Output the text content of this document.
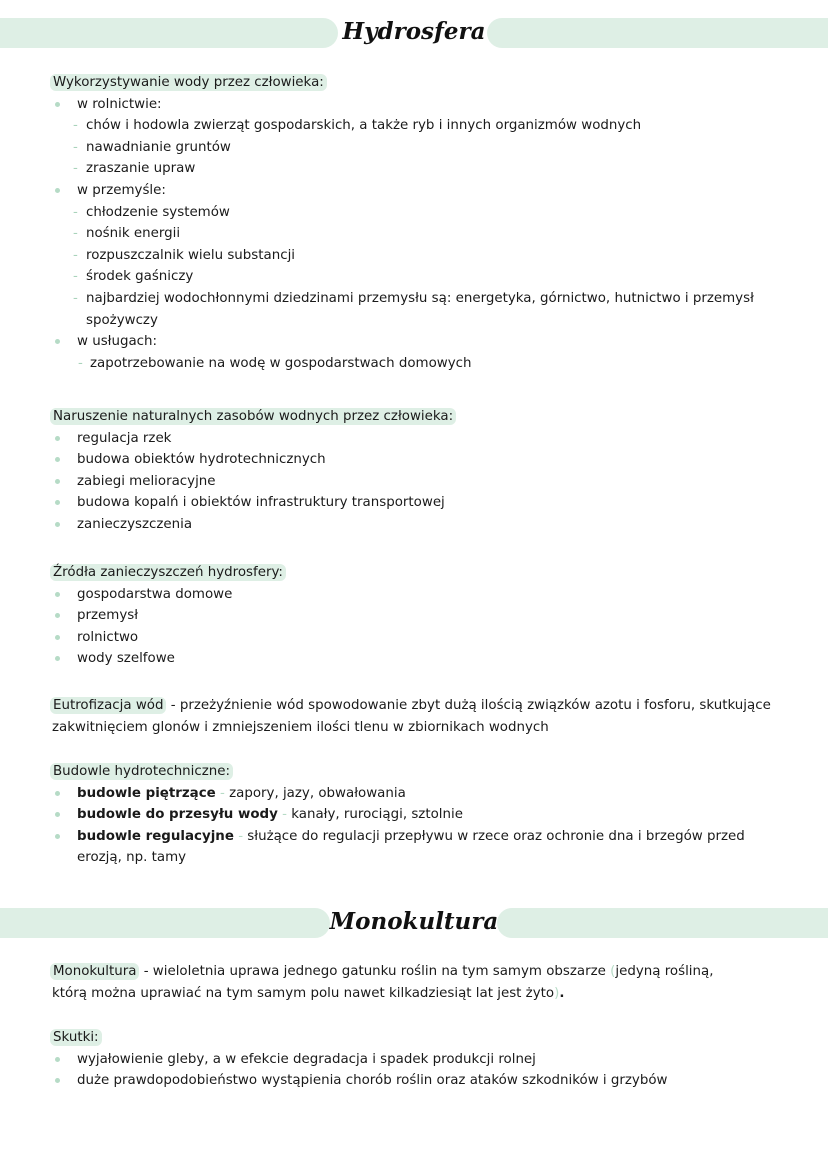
Hydrosfera
Wykorzystywanie wody przez człowieka:
w rolnictwie:
- chów i hodowla zwierząt gospodarskich, a także ryb i innych organizmów wodnych
- nawadnianie gruntów
- zraszanie upraw
w przemyśle:
- chłodzenie systemów
- nośnik energii
- rozpuszczalnik wielu substancji
- środek gaśniczy
- najbardziej wodochłonnymi dziedzinami przemysłu są: energetyka, górnictwo, hutnictwo i przemysł
spożywczy
w usługach:
- zapotrzebowanie na wodę w gospodarstwach domowych
Naruszenie naturalnych zasobów wodnych przez człowieka:
regulacja rzek
budowa obiektów hydrotechnicznych
zabiegi melioracyjne
budowa kopalń i obiektów infrastruktury transportowej
zanieczyszczenia
Źródła zanieczyszczeń hydrosfery:
gospodarstwa domowe
przemysł
rolnictwo
wody szelfowe
Eutrofizacja wód - przeżyźnienie wód spowodowanie zbyt dużą ilością związków azotu i fosforu, skutkujące
zakwitnięciem glonów i zmniejszeniem ilości tlenu w zbiornikach wodnych
Budowle hydrotechniczne:
budowle piętrzące - zapory, jazy, obwałowania
budowle do przesyłu wody - kanały, rurociągi, sztolnie
budowle regulacyjne - służące do regulacji przepływu w rzece oraz ochronie dna i brzegów przed
erozją, np. tamy
Monokultura
Monokultura - wieloletnia uprawa jednego gatunku roślin na tym samym obszarze (jedyną rośliną,
którą można uprawiać na tym samym polu nawet kilkadziesiąt lat jest żyto).
Skutki:
wyjałowienie gleby, a w efekcie degradacja i spadek produkcji rolnej
duże prawdopodobieństwo wystąpienia chorób roślin oraz ataków szkodników i grzybów
